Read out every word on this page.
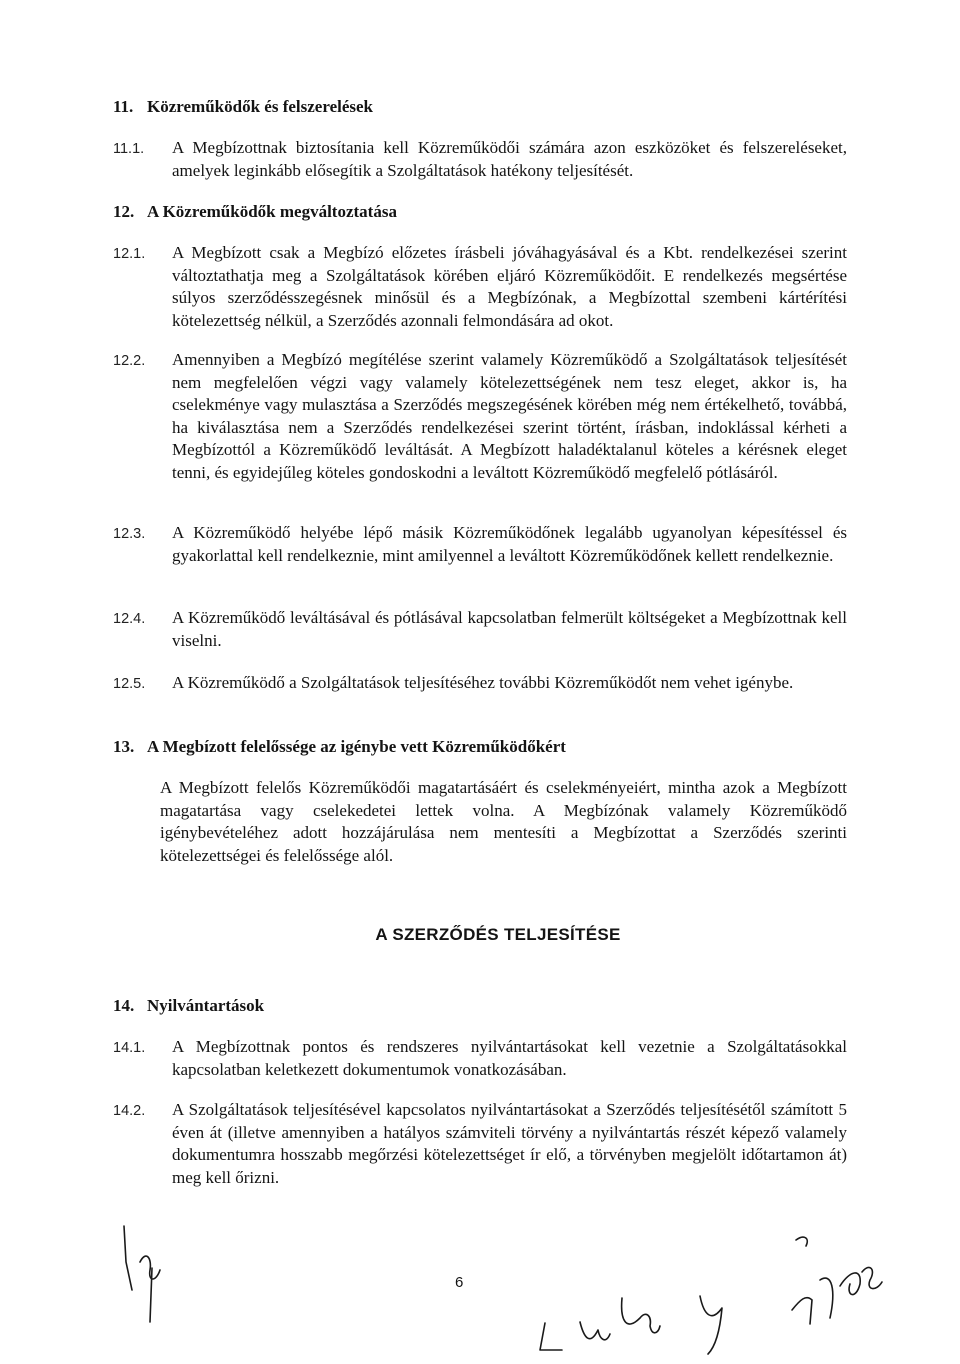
11. Közreműködők és felszerelések
11.1. A Megbízottnak biztosítania kell Közreműködői számára azon eszközöket és felszereléseket, amelyek leginkább elősegítik a Szolgáltatások hatékony teljesítését.
12. A Közreműködők megváltoztatása
12.1. A Megbízott csak a Megbízó előzetes írásbeli jóváhagyásával és a Kbt. rendelkezései szerint változtathatja meg a Szolgáltatások körében eljáró Közreműködőit. E rendelkezés megsértése súlyos szerződésszegésnek minősül és a Megbízónak, a Megbízottal szembeni kártérítési kötelezettség nélkül, a Szerződés azonnali felmondására ad okot.
12.2. Amennyiben a Megbízó megítélése szerint valamely Közreműködő a Szolgáltatások teljesítését nem megfelelően végzi vagy valamely kötelezettségének nem tesz eleget, akkor is, ha cselekménye vagy mulasztása a Szerződés megszegésének körében még nem értékelhető, továbbá, ha kiválasztása nem a Szerződés rendelkezései szerint történt, írásban, indoklással kérheti a Megbízottól a Közreműködő leváltását. A Megbízott haladéktalanul köteles a kérésnek eleget tenni, és egyidejűleg köteles gondoskodni a leváltott Közreműködő megfelelő pótlásáról.
12.3. A Közreműködő helyébe lépő másik Közreműködőnek legalább ugyanolyan képesítéssel és gyakorlattal kell rendelkeznie, mint amilyennel a leváltott Közreműködőnek kellett rendelkeznie.
12.4. A Közreműködő leváltásával és pótlásával kapcsolatban felmerült költségeket a Megbízottnak kell viselni.
12.5. A Közreműködő a Szolgáltatások teljesítéséhez további Közreműködőt nem vehet igénybe.
13. A Megbízott felelőssége az igénybe vett Közreműködőkért
A Megbízott felelős Közreműködői magatartásáért és cselekményeiért, mintha azok a Megbízott magatartása vagy cselekedetei lettek volna. A Megbízónak valamely Közreműködő igénybevételéhez adott hozzájárulása nem mentesíti a Megbízottat a Szerződés szerinti kötelezettségei és felelőssége alól.
A SZERZŐDÉS TELJESÍTÉSE
14. Nyilvántartások
14.1. A Megbízottnak pontos és rendszeres nyilvántartásokat kell vezetnie a Szolgáltatásokkal kapcsolatban keletkezett dokumentumok vonatkozásában.
14.2. A Szolgáltatások teljesítésével kapcsolatos nyilvántartásokat a Szerződés teljesítésétől számított 5 éven át (illetve amennyiben a hatályos számviteli törvény a nyilvántartás részét képező valamely dokumentumra hosszabb megőrzési kötelezettséget ír elő, a törvényben megjelölt időtartamon át) meg kell őrizni.
6
